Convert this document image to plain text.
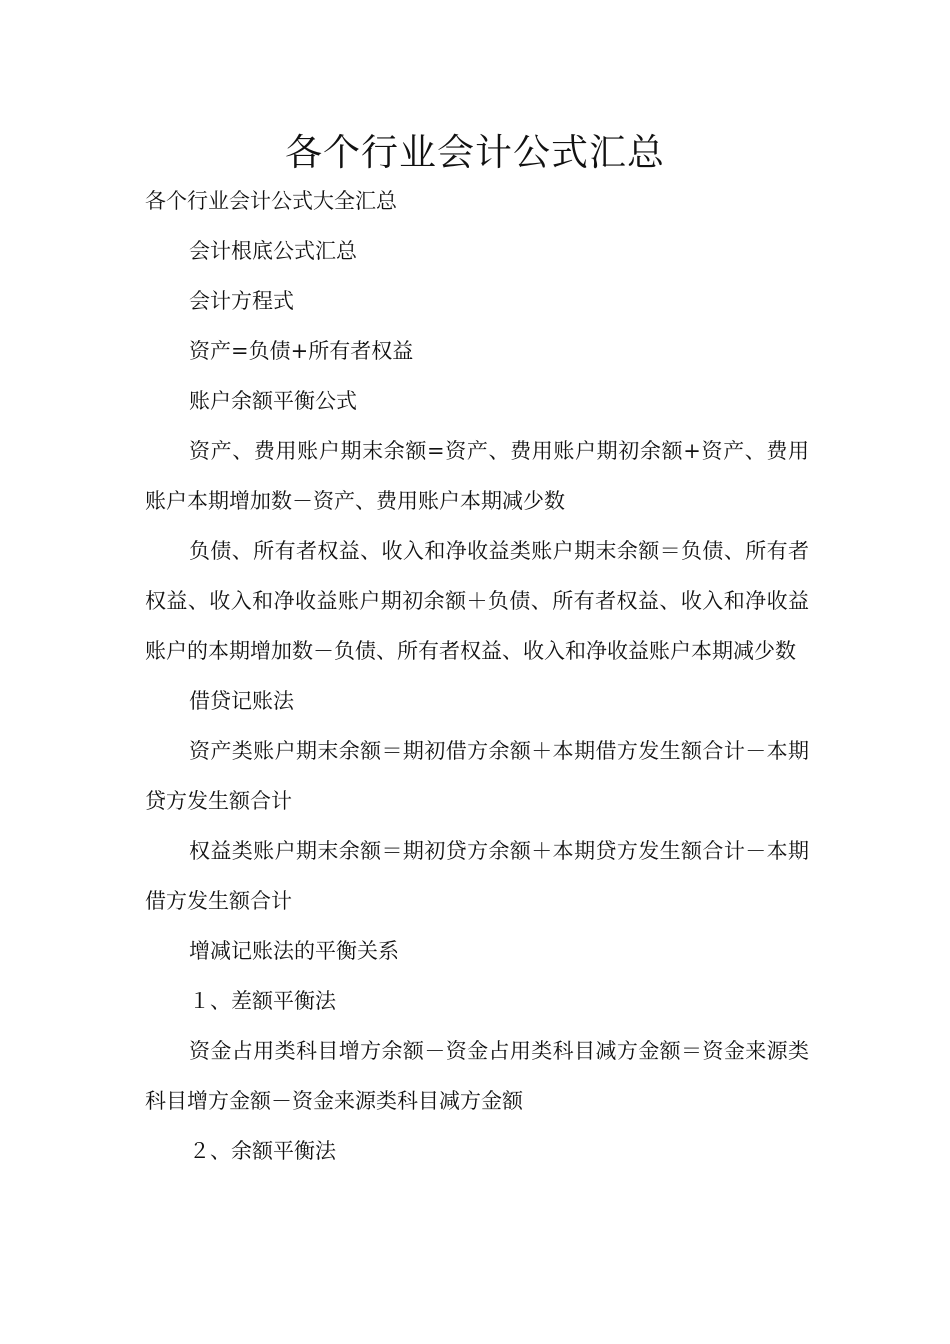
各个行业会计公式汇总

各个行业会计公式大全汇总

会计根底公式汇总

会计方程式

资产=负债+所有者权益

账户余额平衡公式

资产、费用账户期末余额=资产、费用账户期初余额+资产、费用账户本期增加数－资产、费用账户本期减少数

负债、所有者权益、收入和净收益类账户期末余额＝负债、所有者权益、收入和净收益账户期初余额＋负债、所有者权益、收入和净收益账户的本期增加数－负债、所有者权益、收入和净收益账户本期减少数

借贷记账法

资产类账户期末余额＝期初借方余额＋本期借方发生额合计－本期贷方发生额合计

权益类账户期末余额＝期初贷方余额＋本期贷方发生额合计－本期借方发生额合计

增减记账法的平衡关系

１、差额平衡法

资金占用类科目增方余额－资金占用类科目减方金额＝资金来源类科目增方金额－资金来源类科目减方金额

２、余额平衡法
